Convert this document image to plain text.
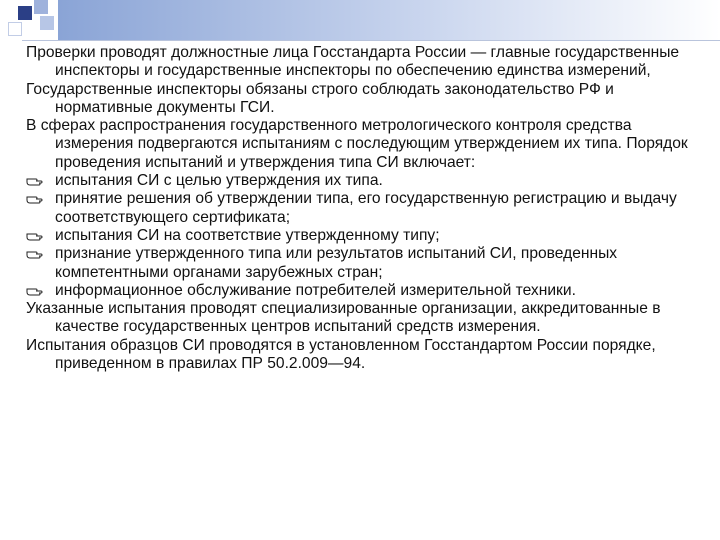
Проверки проводят должностные лица Госстандарта России — главные государственные инспекторы и государственные инспекторы по обеспечению единства измерений,

Государственные инспекторы обязаны строго соблюдать законодательство РФ и нормативные документы ГСИ.

В сферах распространения государственного метрологического контроля средства измерения подвергаются испытаниям с последующим утверждением их типа. Порядок проведения испытаний и утверждения типа СИ включает:

испытания СИ с целью утверждения их типа.
принятие решения об утверждении типа, его государственную регистрацию и выдачу соответствующего сертификата;
испытания СИ на соответствие утвержденному типу;
признание утвержденного типа или результатов испытаний СИ, проведенных компетентными органами зарубежных стран;
информационное обслуживание потребителей измерительной техники.

Указанные испытания проводят специализированные организации, аккредитованные в качестве государственных центров испытаний средств измерения.

Испытания образцов СИ проводятся в установленном Госстандартом России порядке, приведенном в правилах ПР 50.2.009—94.
